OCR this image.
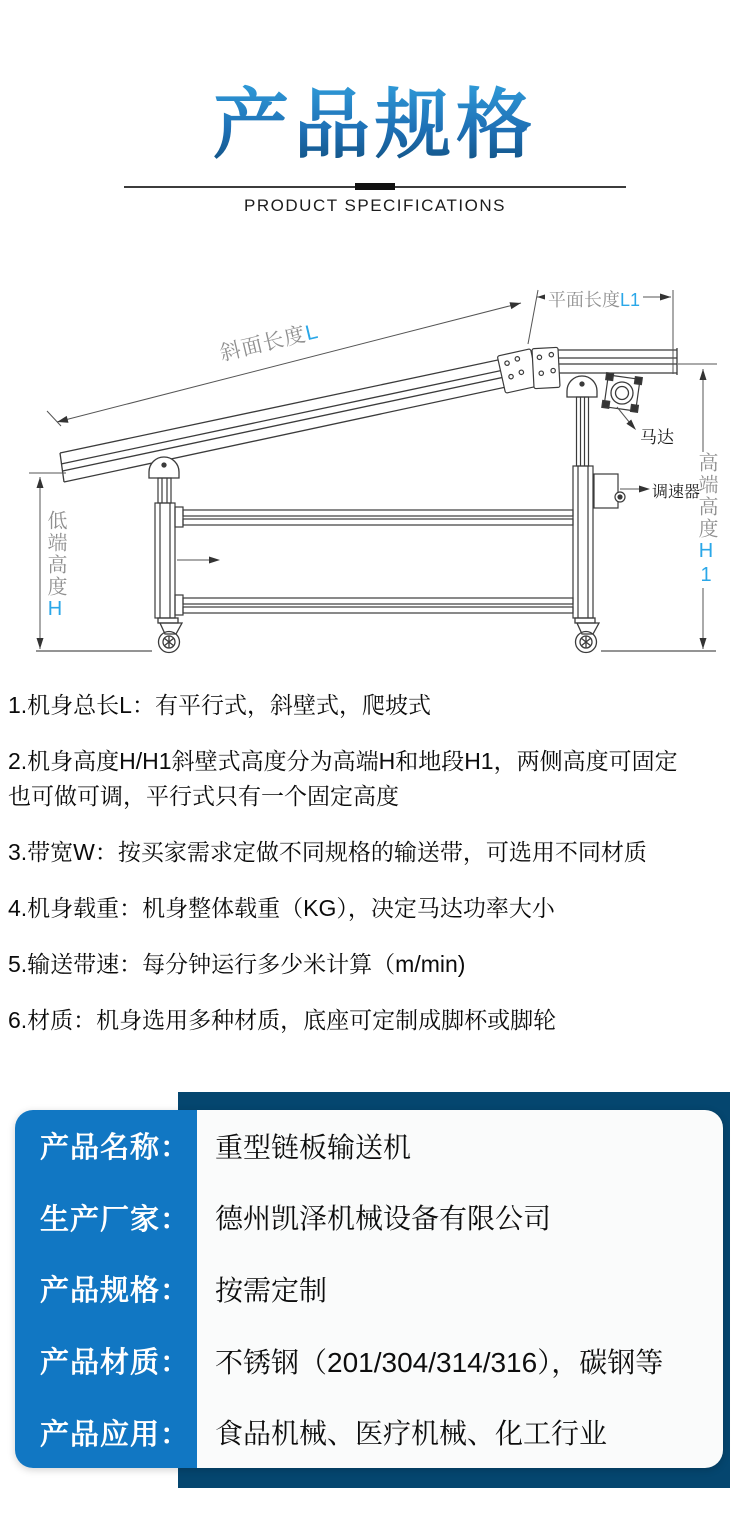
产品规格
PRODUCT SPECIFICATIONS
斜面长度L
平面长度L1
低端高度H
高端高度H1
马达
调速器

1.机身总长L：有平行式，斜壁式，爬坡式

2.机身高度H/H1斜壁式高度分为高端H和地段H1，两侧高度可固定也可做可调，平行式只有一个固定高度

3.带宽W：按买家需求定做不同规格的输送带，可选用不同材质

4.机身载重：机身整体载重（KG），决定马达功率大小

5.输送带速：每分钟运行多少米计算（m/min)

6.材质：机身选用多种材质，底座可定制成脚杯或脚轮

产品名称： 重型链板输送机
生产厂家： 德州凯泽机械设备有限公司
产品规格： 按需定制
产品材质： 不锈钢（201/304/314/316），碳钢等
产品应用： 食品机械、医疗机械、化工行业
